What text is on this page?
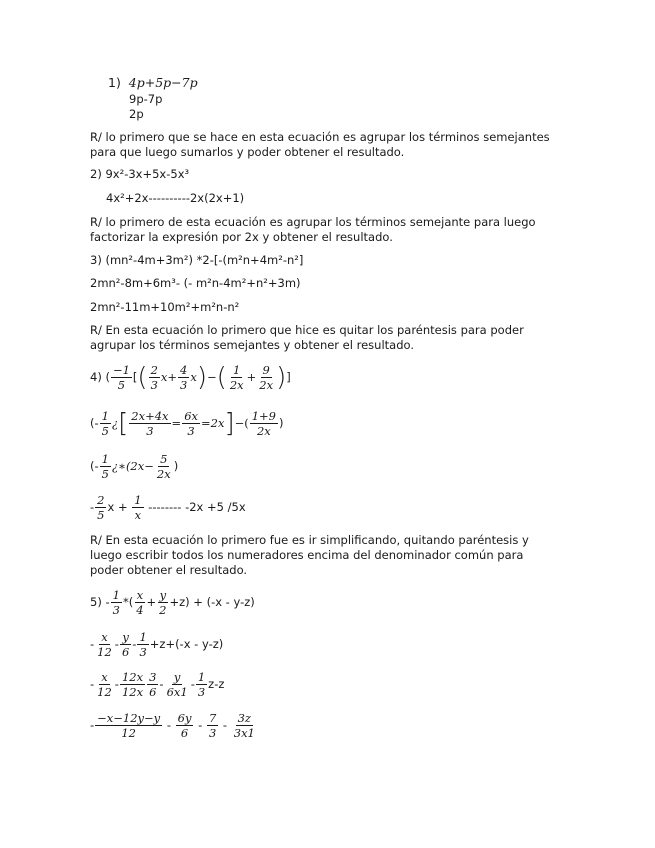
1) 4p+5p−7p
9p-7p
2p
R/ lo primero que se hace en esta ecuación es agrupar los términos semejantes
para que luego sumarlos y poder obtener el resultado.
2) 9x²-3x+5x-5x³
4x²+2x----------2x(2x+1)
R/ lo primero de esta ecuación es agrupar los términos semejante para luego
factorizar la expresión por 2x y obtener el resultado.
3) (mn²-4m+3m²) *2-[-(m²n+4m²-n²]
2mn²-8m+6m³- (- m²n-4m²+n²+3m)
2mn²-11m+10m²+m²n-n²
R/ En esta ecuación lo primero que hice es quitar los paréntesis para poder
agrupar los términos semejantes y obtener el resultado.
4) ( $\frac{-1}{5}$ [( $\frac{2}{3} x+ \frac{4}{3} x)-( \frac{1}{2x} + \frac{9}{2x}$ )]
(- $\frac{1}{5}$ ¿[ $\frac{2x+4x}{3} = \frac{6x}{3} =2x]-( \frac{1+9}{2x}$ )
(- $\frac{1}{5}$ ¿∗(2x− $\frac{5}{2x}$ )
- $\frac{2}{5}$ $x + \frac{1}{x}$ -------- -2x +5 /5x
R/ En esta ecuación lo primero fue es ir simplificando, quitando paréntesis y
luego escribir todos los numeradores encima del denominador común para
poder obtener el resultado.
$5) - \frac{1}{3}$ *( $\frac{x}{4} + \frac{y}{2} +z) + (-x - y-z)$
- $\frac{x}{12} - \frac{y}{6} - \frac{1}{3} +z+(-x - y-z)$
- $\frac{x}{12} - \frac{12x}{12x} \frac{3}{6} - \frac{y}{6x1} - \frac{1}{3} z-z$
- $\frac{-x-12y-y}{12} - \frac{6y}{6} - \frac{7}{3} - \frac{3z}{3x1}$
